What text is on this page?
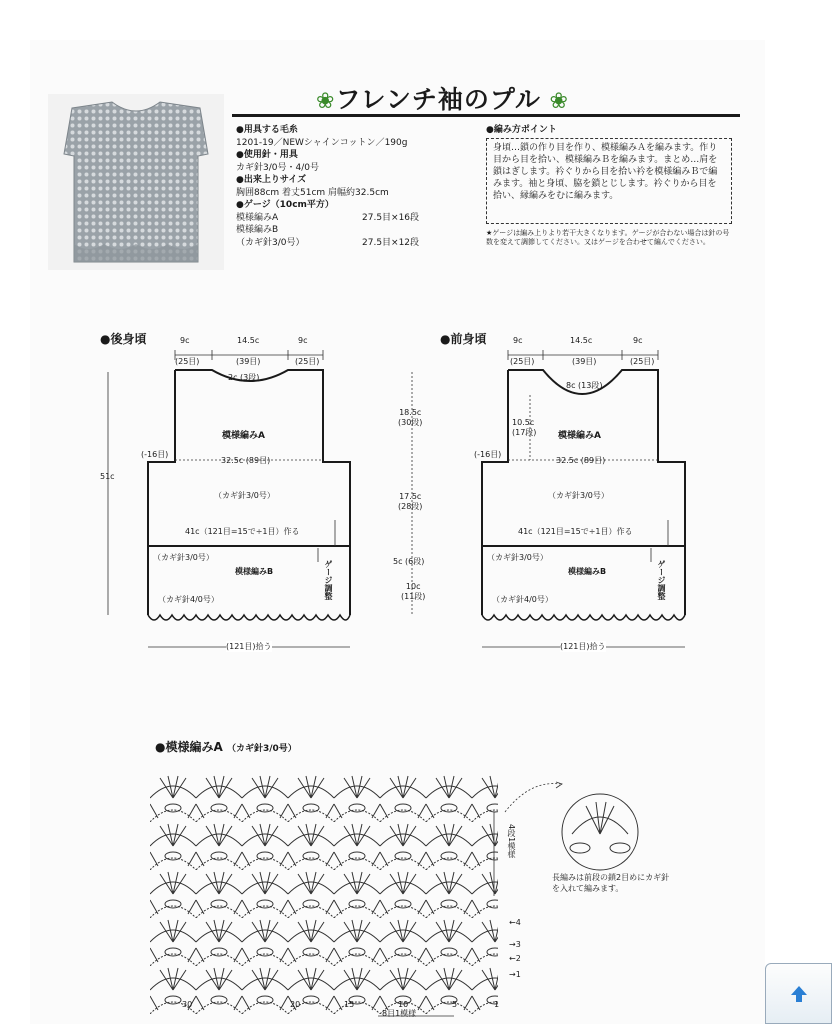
❀フレンチ袖のプル ❀
●用具する毛糸
1201-19／NEWシャインコットン／190g
●使用針・用具
カギ針3/0号・4/0号
●出来上りサイズ
胸囲88cm 着丈51cm 肩幅約32.5cm
●ゲージ（10cm平方）
模様編みA	27.5目×16段
模様編みB
（カギ針3/0号）	27.5目×12段
●編み方ポイント
身頃…鎖の作り目を作り、模様編みＡを編みます。作り目から目を拾い、模様編みＢを編みます。まとめ…肩を鎖はぎします。衿ぐりから目を拾い衿を模様編みＢで編みます。袖と身頃、脇を鎖とじします。衿ぐりから目を拾い、縁編みをむに編みます。
★ゲージは編み上りより若干大きくなります。ゲージが合わない場合は針の号数を変えて調節してください。又はゲージを合わせて編んでください。
●後身頃	●前身頃
9c	14.5c	9c
(25目)	(39目)	(25目)
2c (3段)
模様編みA
(-16目)
32.5c (89目)
（カギ針3/0号）
41c（121目=15で÷1目）作る
（カギ針3/0号）
模様編みB
（カギ針4/0号）	ゲージ調整
51c
(121目)拾う
18.5c
(30段)
17.5c
(28段)
5c (6段)
10c
(11段)
9c	14.5c	9c
(25目)	(39目)	(25目)
8c (13段)
10.5c
(17段) 模様編みA
(-16目)
32.5c (89目)
（カギ針3/0号）
41c（121目=15で÷1目）作る
（カギ針3/0号）
模様編みB
（カギ針4/0号）	ゲージ調整
(121目)拾う
●模様編みA （カギ針3/0号）
30	20	15	10	5	1
8目1模様
←4
→3
←2
→1
4段1模様
長編みは前段の鎖2目めにカギ針を入れて編みます。
